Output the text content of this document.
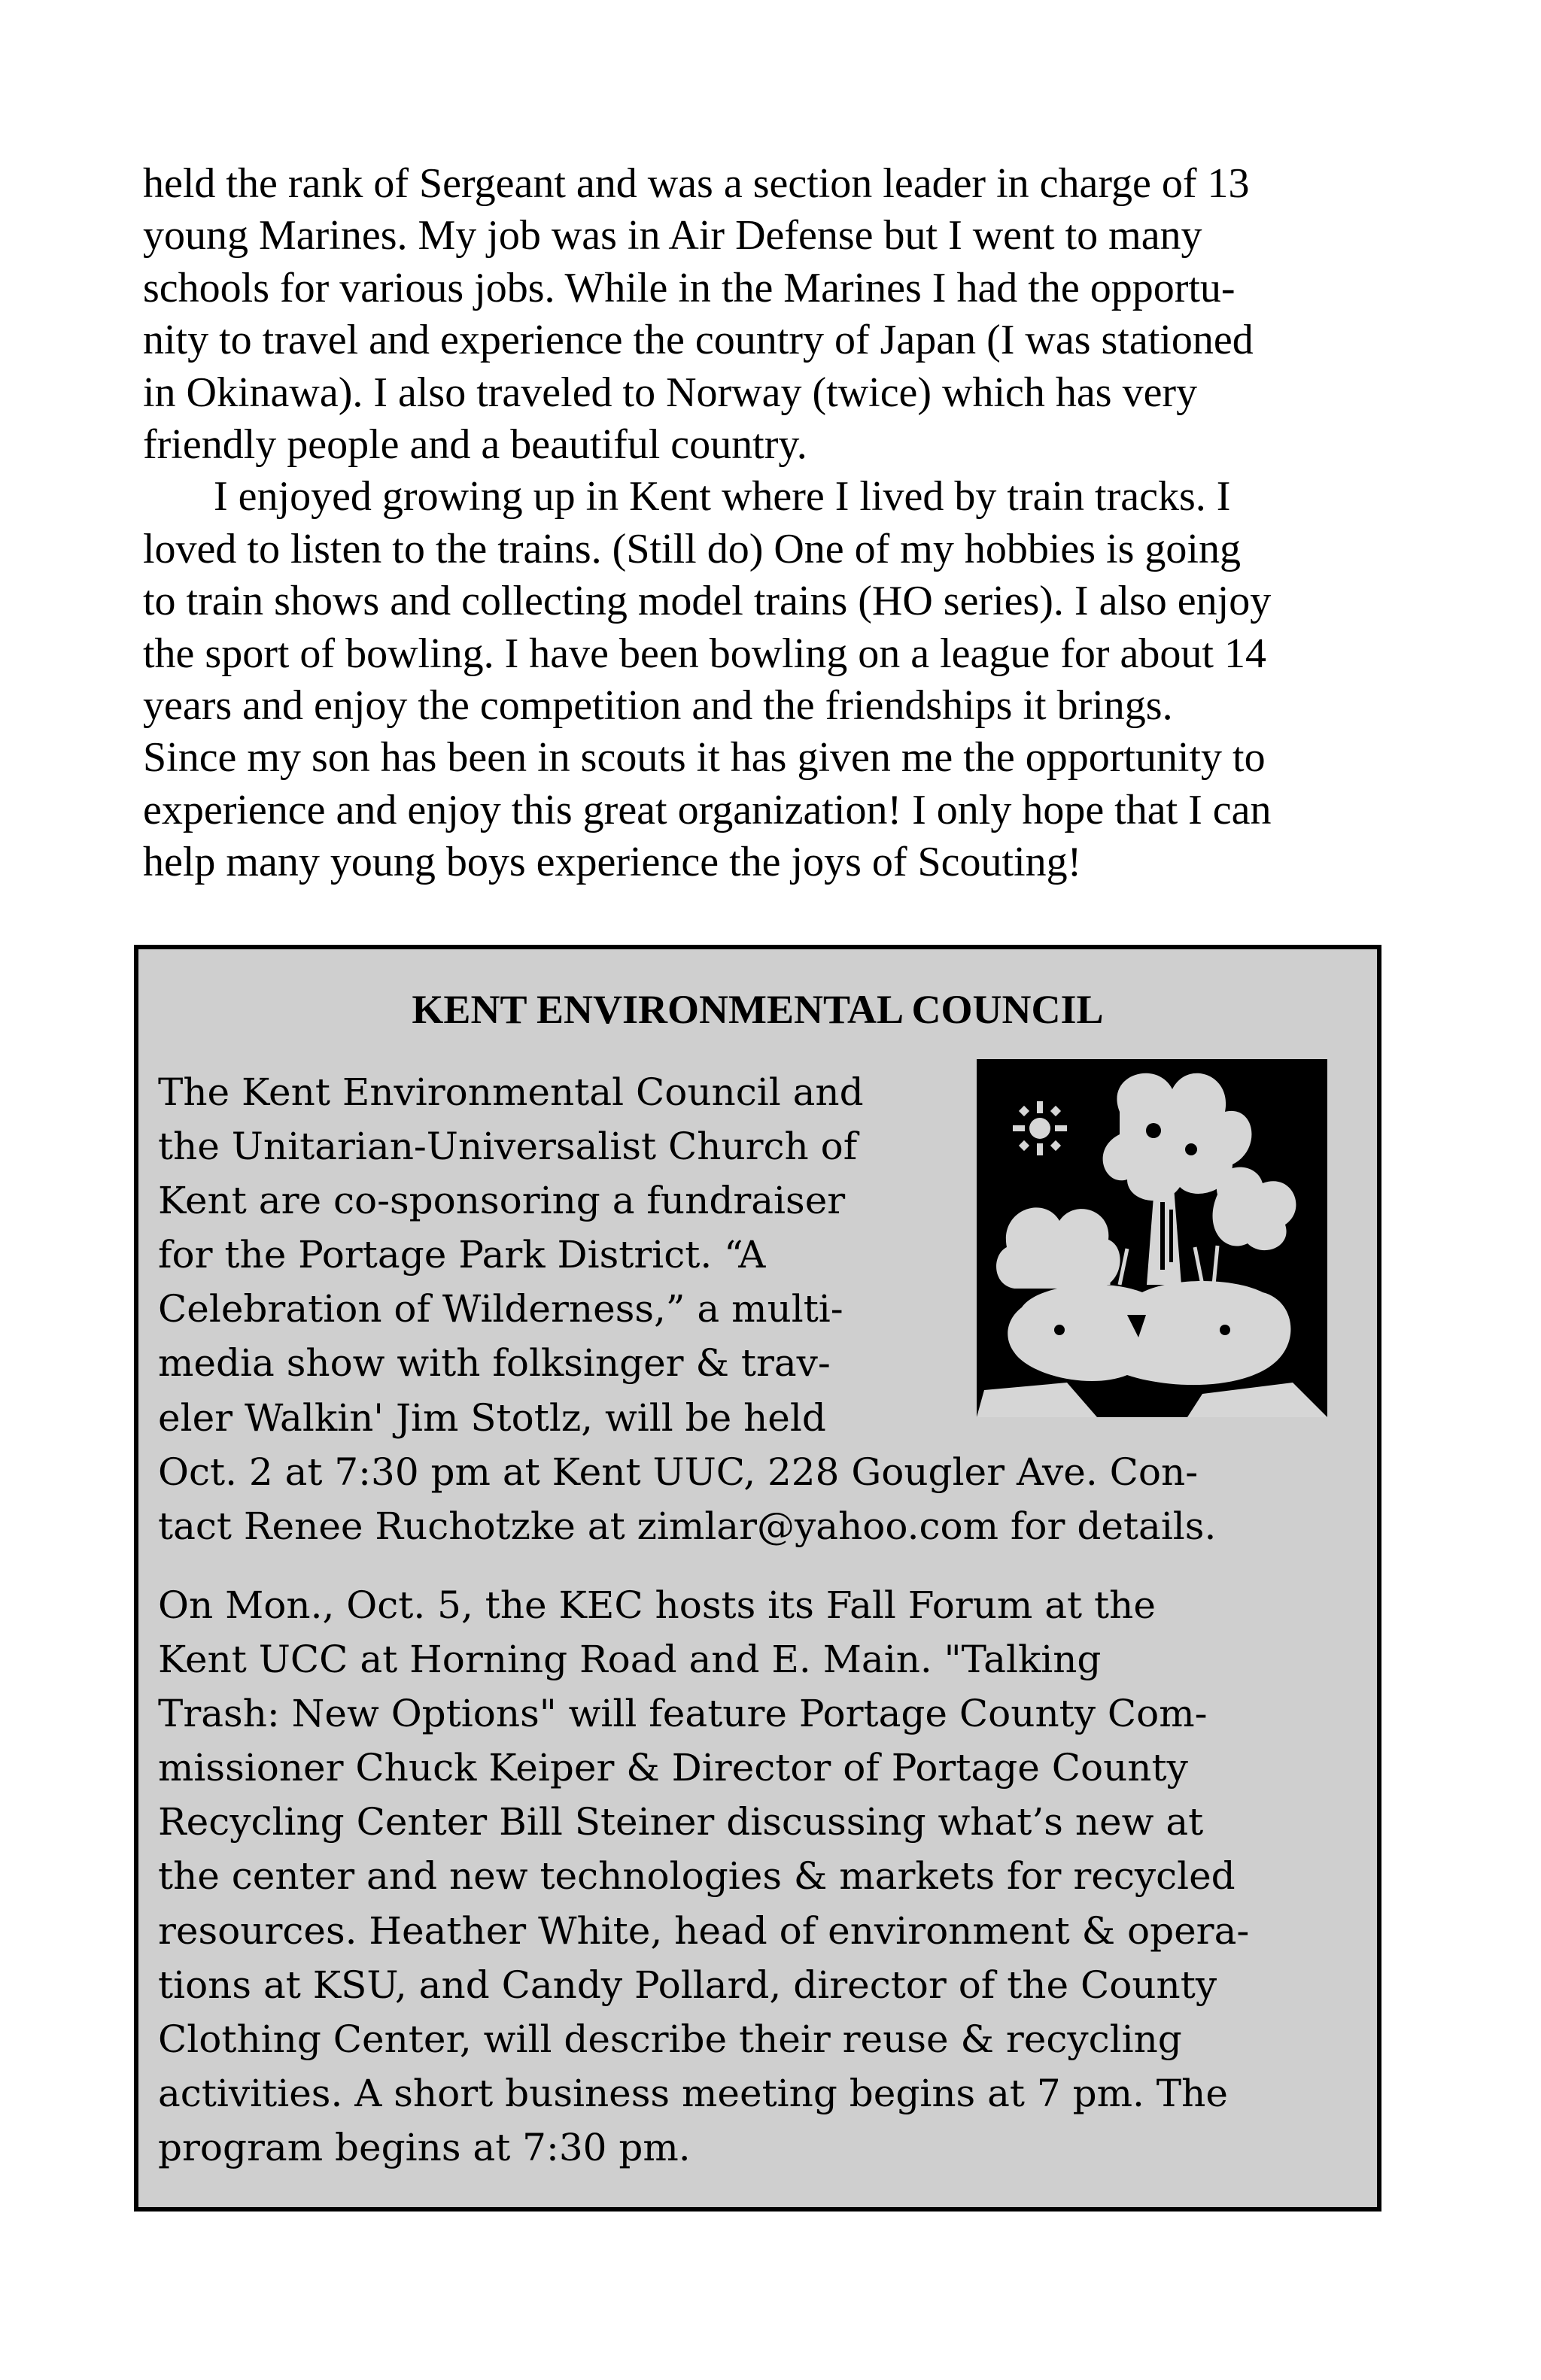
held the rank of Sergeant and was a section leader in charge of 13
young Marines. My job was in Air Defense but I went to many
schools for various jobs. While in the Marines I had the opportu-
nity to travel and experience the country of Japan (I was stationed
in Okinawa). I also traveled to Norway (twice) which has very
friendly people and a beautiful country.
I enjoyed growing up in Kent where I lived by train tracks. I
loved to listen to the trains. (Still do) One of my hobbies is going
to train shows and collecting model trains (HO series). I also enjoy
the sport of bowling. I have been bowling on a league for about 14
years and enjoy the competition and the friendships it brings.
Since my son has been in scouts it has given me the opportunity to
experience and enjoy this great organization! I only hope that I can
help many young boys experience the joys of Scouting!
KENT ENVIRONMENTAL COUNCIL
The Kent Environmental Council and
the Unitarian-Universalist Church of
Kent are co-sponsoring a fundraiser
for the Portage Park District. “A
Celebration of Wilderness,” a multi-
media show with folksinger & trav-
eler Walkin' Jim Stotlz, will be held
Oct. 2 at 7:30 pm at Kent UUC, 228 Gougler Ave. Con-
tact Renee Ruchotzke at zimlar@yahoo.com for details.
On Mon., Oct. 5, the KEC hosts its Fall Forum at the
Kent UCC at Horning Road and E. Main. "Talking
Trash: New Options" will feature Portage County Com-
missioner Chuck Keiper & Director of Portage County
Recycling Center Bill Steiner discussing what’s new at
the center and new technologies & markets for recycled
resources. Heather White, head of environment & opera-
tions at KSU, and Candy Pollard, director of the County
Clothing Center, will describe their reuse & recycling
activities. A short business meeting begins at 7 pm. The
program begins at 7:30 pm.
